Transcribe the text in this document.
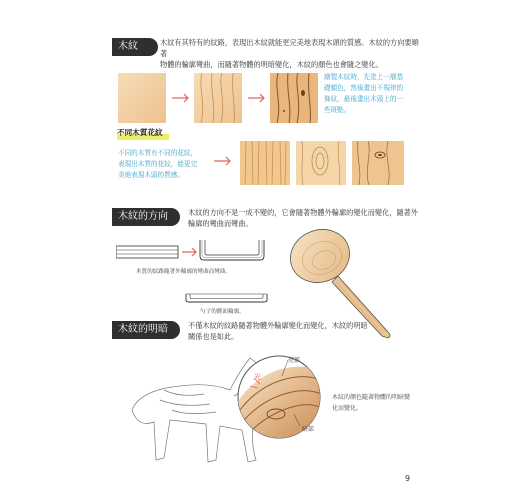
木紋	木紋有其特有的紋路，表現出木紋就能更完美地表現木頭的質感。木紋的方向要順著
物體的輪廓彎曲，而隨著物體的明暗變化，木紋的顏色也會隨之變化。
繪製木紋時，先塗上一層基
礎顏色，然後畫出不規律的
條紋，最後畫出木頭上的一
些斑點。
不同木質花紋
不同的木質有不同的花紋，
表現出木質的花紋，能更完
美地表現木頭的質感。
木紋的方向	木紋的方向不是一成不變的，它會隨著物體外輪廓的變化而變化，隨著外
輪廓的彎曲而彎曲。
木質的紋路隨著外輪廓的彎曲而彎曲。
勺子的側面輪廓。
木紋的明暗	不僅木紋的紋路隨著物體外輪廓變化而變化，木紋的明暗
關係也是如此。
光
亮部
暗部
木紋的顏色隨著物體的明暗變
化而變化。
9
